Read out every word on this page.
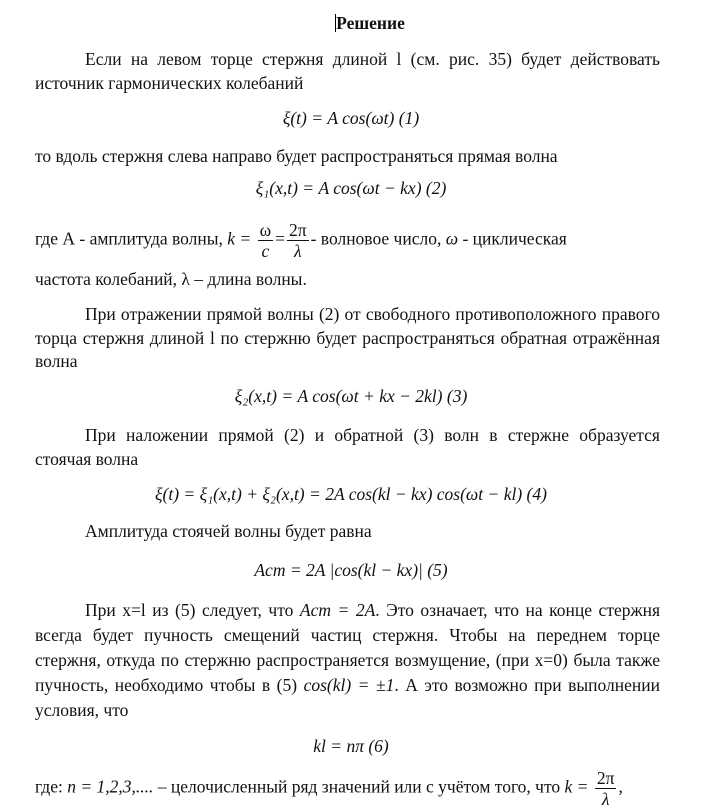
Решение
Если на левом торце стержня длиной l (см. рис. 35) будет действовать источник гармонических колебаний
ξ(t) = A cos(ωt) (1)
то вдоль стержня слева направо будет распространяться прямая волна
ξ₁(x,t) = A cos(ωt − kx) (2)
где А - амплитуда волны, $k = \frac{\omega}{c} = \frac{2\pi}{\lambda}$ - волновое число, ω - циклическая
частота колебаний, λ – длина волны.
При отражении прямой волны (2) от свободного противоположного правого торца стержня длиной l по стержню будет распространяться обратная отражённая волна
ξ₂(x,t) = A cos(ωt + kx − 2kl) (3)
При наложении прямой (2) и обратной (3) волн в стержне образуется стоячая волна
ξ(t) = ξ₁(x,t) + ξ₂(x,t) = 2A cos(kl − kx) cos(ωt − kl) (4)
Амплитуда стоячей волны будет равна
Aст = 2A |cos(kl − kx)| (5)
При x=l из (5) следует, что Aст = 2A. Это означает, что на конце стержня всегда будет пучность смещений частиц стержня. Чтобы на переднем торце стержня, откуда по стержню распространяется возмущение, (при x=0) была также пучность, необходимо чтобы в (5) cos(kl) = ±1. А это возможно при выполнении условия, что
kl = nπ (6)
где: n = 1,2,3,.... – целочисленный ряд значений или с учётом того, что $k = \frac{2\pi}{\lambda}$ ,
